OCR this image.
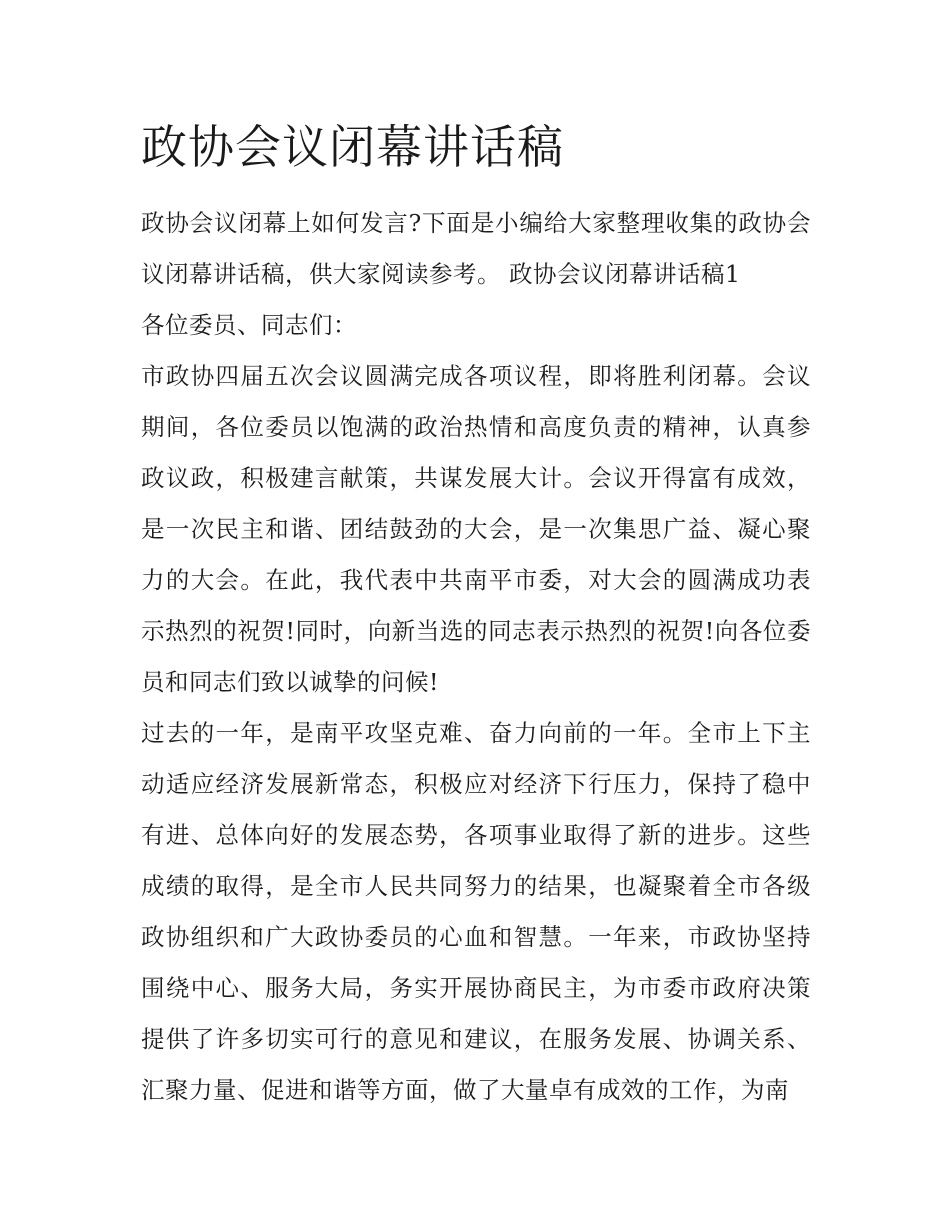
政协会议闭幕讲话稿

政协会议闭幕上如何发言?下面是小编给大家整理收集的政协会议闭幕讲话稿，供大家阅读参考。 政协会议闭幕讲话稿1

各位委员、同志们：

市政协四届五次会议圆满完成各项议程，即将胜利闭幕。会议期间，各位委员以饱满的政治热情和高度负责的精神，认真参政议政，积极建言献策，共谋发展大计。会议开得富有成效，是一次民主和谐、团结鼓劲的大会，是一次集思广益、凝心聚力的大会。在此，我代表中共南平市委，对大会的圆满成功表示热烈的祝贺!同时，向新当选的同志表示热烈的祝贺!向各位委员和同志们致以诚挚的问候!

过去的一年，是南平攻坚克难、奋力向前的一年。全市上下主动适应经济发展新常态，积极应对经济下行压力，保持了稳中有进、总体向好的发展态势，各项事业取得了新的进步。这些成绩的取得，是全市人民共同努力的结果，也凝聚着全市各级政协组织和广大政协委员的心血和智慧。一年来，市政协坚持围绕中心、服务大局，务实开展协商民主，为市委市政府决策提供了许多切实可行的意见和建议，在服务发展、协调关系、汇聚力量、促进和谐等方面，做了大量卓有成效的工作，为南
